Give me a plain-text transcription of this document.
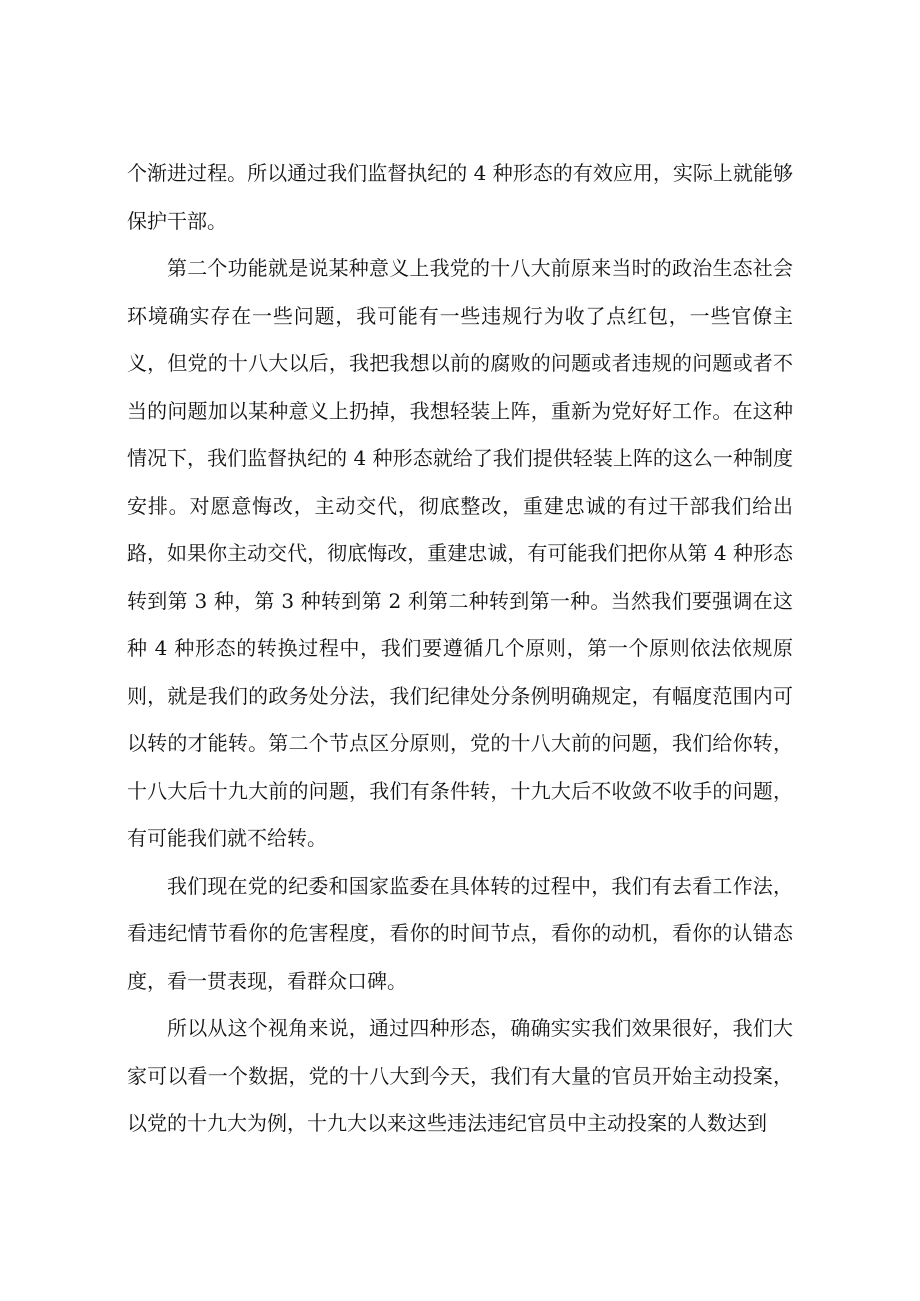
个渐进过程。所以通过我们监督执纪的 4 种形态的有效应用，实际上就能够保护干部。

第二个功能就是说某种意义上我党的十八大前原来当时的政治生态社会环境确实存在一些问题，我可能有一些违规行为收了点红包，一些官僚主义，但党的十八大以后，我把我想以前的腐败的问题或者违规的问题或者不当的问题加以某种意义上扔掉，我想轻装上阵，重新为党好好工作。在这种情况下，我们监督执纪的 4 种形态就给了我们提供轻装上阵的这么一种制度安排。对愿意悔改，主动交代，彻底整改，重建忠诚的有过干部我们给出路，如果你主动交代，彻底悔改，重建忠诚，有可能我们把你从第 4 种形态转到第 3 种，第 3 种转到第 2 利第二种转到第一种。当然我们要强调在这种 4 种形态的转换过程中，我们要遵循几个原则，第一个原则依法依规原则，就是我们的政务处分法，我们纪律处分条例明确规定，有幅度范围内可以转的才能转。第二个节点区分原则，党的十八大前的问题，我们给你转，十八大后十九大前的问题，我们有条件转，十九大后不收敛不收手的问题，有可能我们就不给转。

我们现在党的纪委和国家监委在具体转的过程中，我们有去看工作法，看违纪情节看你的危害程度，看你的时间节点，看你的动机，看你的认错态度，看一贯表现，看群众口碑。

所以从这个视角来说，通过四种形态，确确实实我们效果很好，我们大家可以看一个数据，党的十八大到今天，我们有大量的官员开始主动投案，以党的十九大为例，十九大以来这些违法违纪官员中主动投案的人数达到
